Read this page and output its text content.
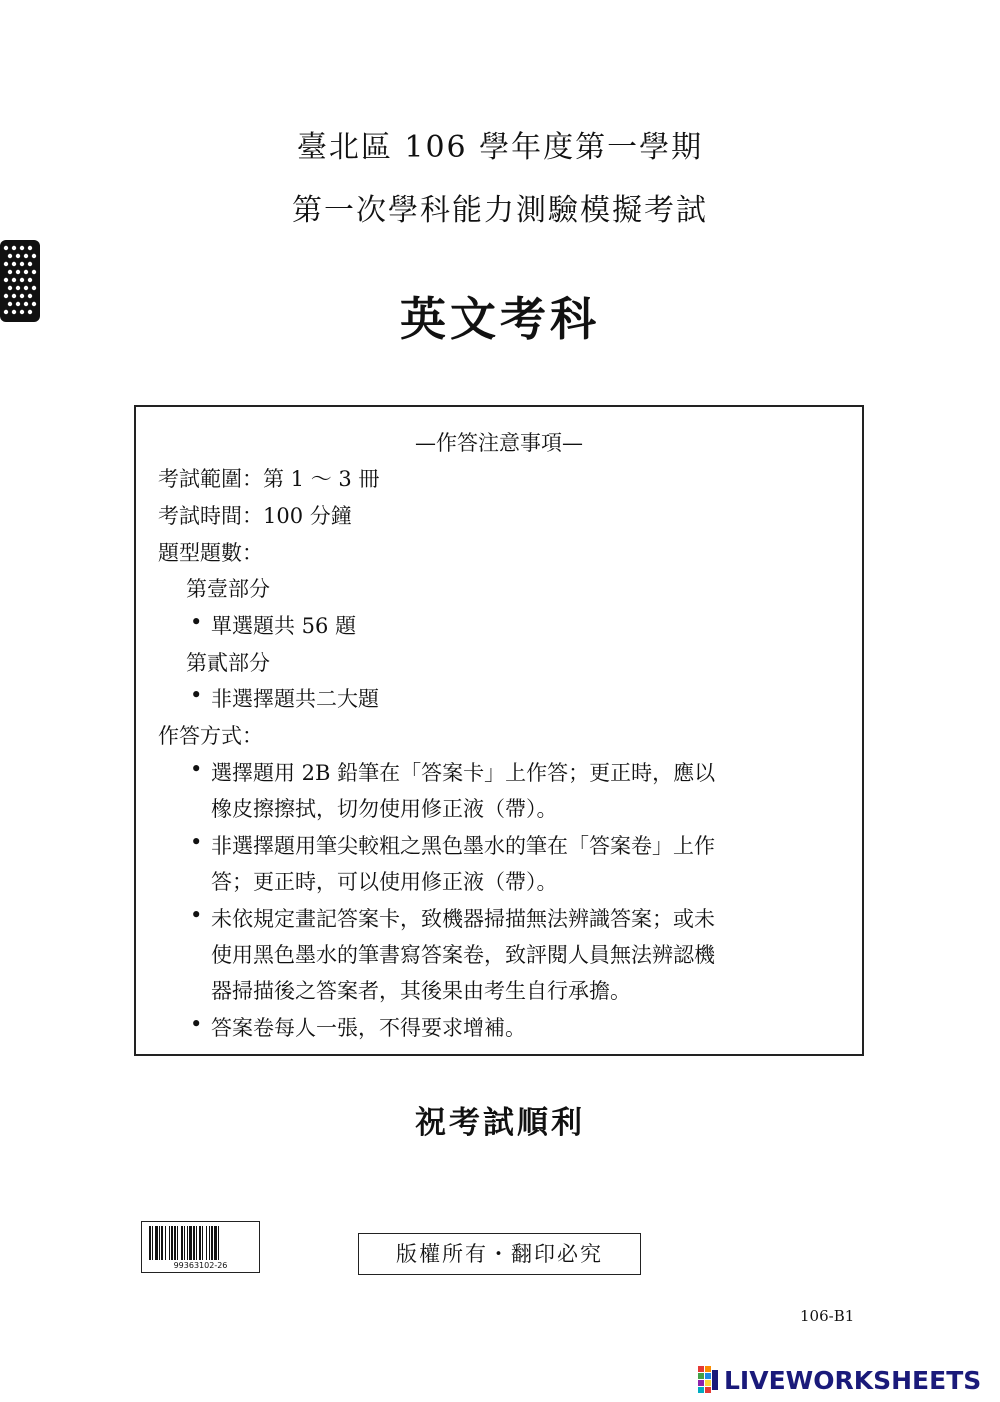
臺北區 106 學年度第一學期
第一次學科能力測驗模擬考試
英文考科
—作答注意事項—
考試範圍：第 1 ～ 3 冊
考試時間：100 分鐘
題型題數：
第壹部分
• 單選題共 56 題
第貳部分
• 非選擇題共二大題
作答方式：
• 選擇題用 2B 鉛筆在「答案卡」上作答；更正時，應以
橡皮擦擦拭，切勿使用修正液（帶）。
• 非選擇題用筆尖較粗之黑色墨水的筆在「答案卷」上作
答；更正時，可以使用修正液（帶）。
• 未依規定畫記答案卡，致機器掃描無法辨識答案；或未
使用黑色墨水的筆書寫答案卷，致評閱人員無法辨認機
器掃描後之答案者，其後果由考生自行承擔。
• 答案卷每人一張，不得要求增補。
祝考試順利
99363102-26	版權所有・翻印必究
106-B1
LIVEWORKSHEETS
